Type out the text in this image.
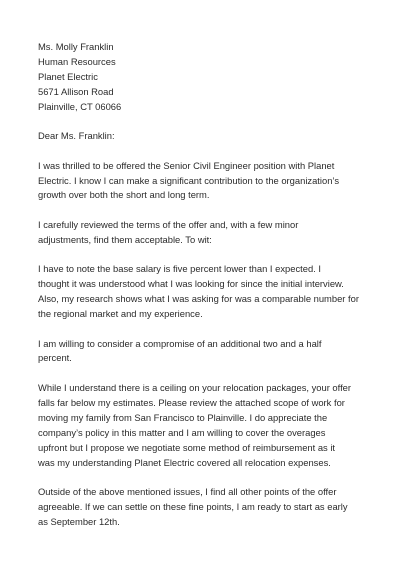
Ms. Molly Franklin
Human Resources
Planet Electric
5671 Allison Road
Plainville, CT 06066
Dear Ms. Franklin:
I was thrilled to be offered the Senior Civil Engineer position with Planet
Electric. I know I can make a significant contribution to the organization’s
growth over both the short and long term.
I carefully reviewed the terms of the offer and, with a few minor
adjustments, find them acceptable. To wit:
I have to note the base salary is five percent lower than I expected. I
thought it was understood what I was looking for since the initial interview.
Also, my research shows what I was asking for was a comparable number for
the regional market and my experience.
I am willing to consider a compromise of an additional two and a half
percent.
While I understand there is a ceiling on your relocation packages, your offer
falls far below my estimates. Please review the attached scope of work for
moving my family from San Francisco to Plainville. I do appreciate the
company’s policy in this matter and I am willing to cover the overages
upfront but I propose we negotiate some method of reimbursement as it
was my understanding Planet Electric covered all relocation expenses.
Outside of the above mentioned issues, I find all other points of the offer
agreeable. If we can settle on these fine points, I am ready to start as early
as September 12th.
